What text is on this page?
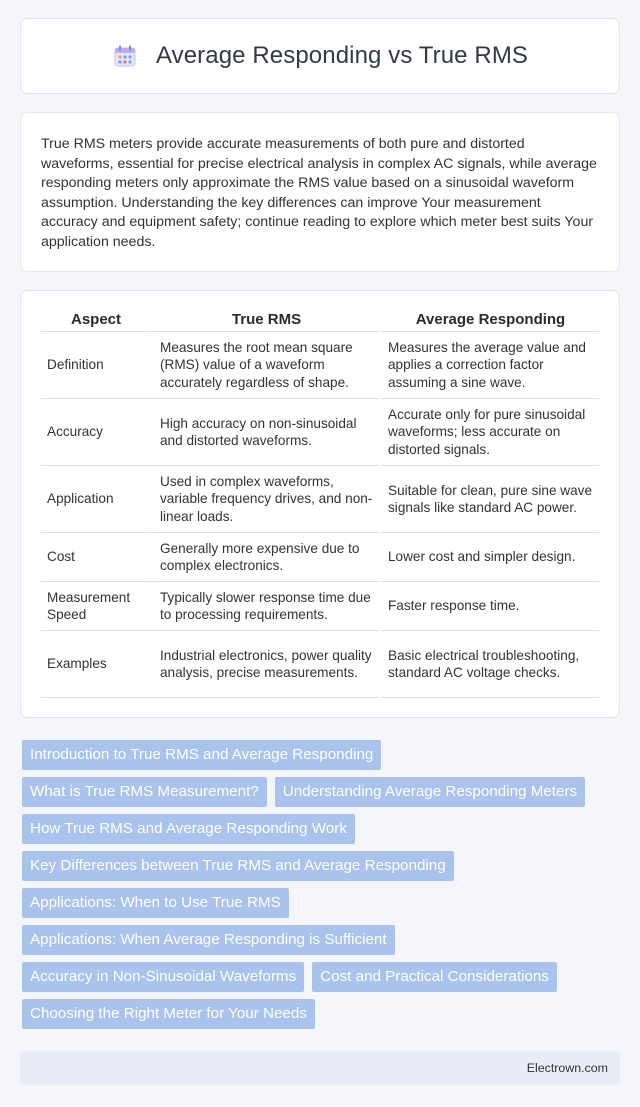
Average Responding vs True RMS

True RMS meters provide accurate measurements of both pure and distorted waveforms, essential for precise electrical analysis in complex AC signals, while average responding meters only approximate the RMS value based on a sinusoidal waveform assumption. Understanding the key differences can improve Your measurement accuracy and equipment safety; continue reading to explore which meter best suits Your application needs.

Aspect	True RMS	Average Responding
Definition	Measures the root mean square (RMS) value of a waveform accurately regardless of shape.	Measures the average value and applies a correction factor assuming a sine wave.
Accuracy	High accuracy on non-sinusoidal and distorted waveforms.	Accurate only for pure sinusoidal waveforms; less accurate on distorted signals.
Application	Used in complex waveforms, variable frequency drives, and non-linear loads.	Suitable for clean, pure sine wave signals like standard AC power.
Cost	Generally more expensive due to complex electronics.	Lower cost and simpler design.
Measurement Speed	Typically slower response time due to processing requirements.	Faster response time.
Examples	Industrial electronics, power quality analysis, precise measurements.	Basic electrical troubleshooting, standard AC voltage checks.
Introduction to True RMS and Average Responding
What is True RMS Measurement?	Understanding Average Responding Meters
How True RMS and Average Responding Work
Key Differences between True RMS and Average Responding
Applications: When to Use True RMS
Applications: When Average Responding is Sufficient
Accuracy in Non-Sinusoidal Waveforms	Cost and Practical Considerations
Choosing the Right Meter for Your Needs
Electrown.com
